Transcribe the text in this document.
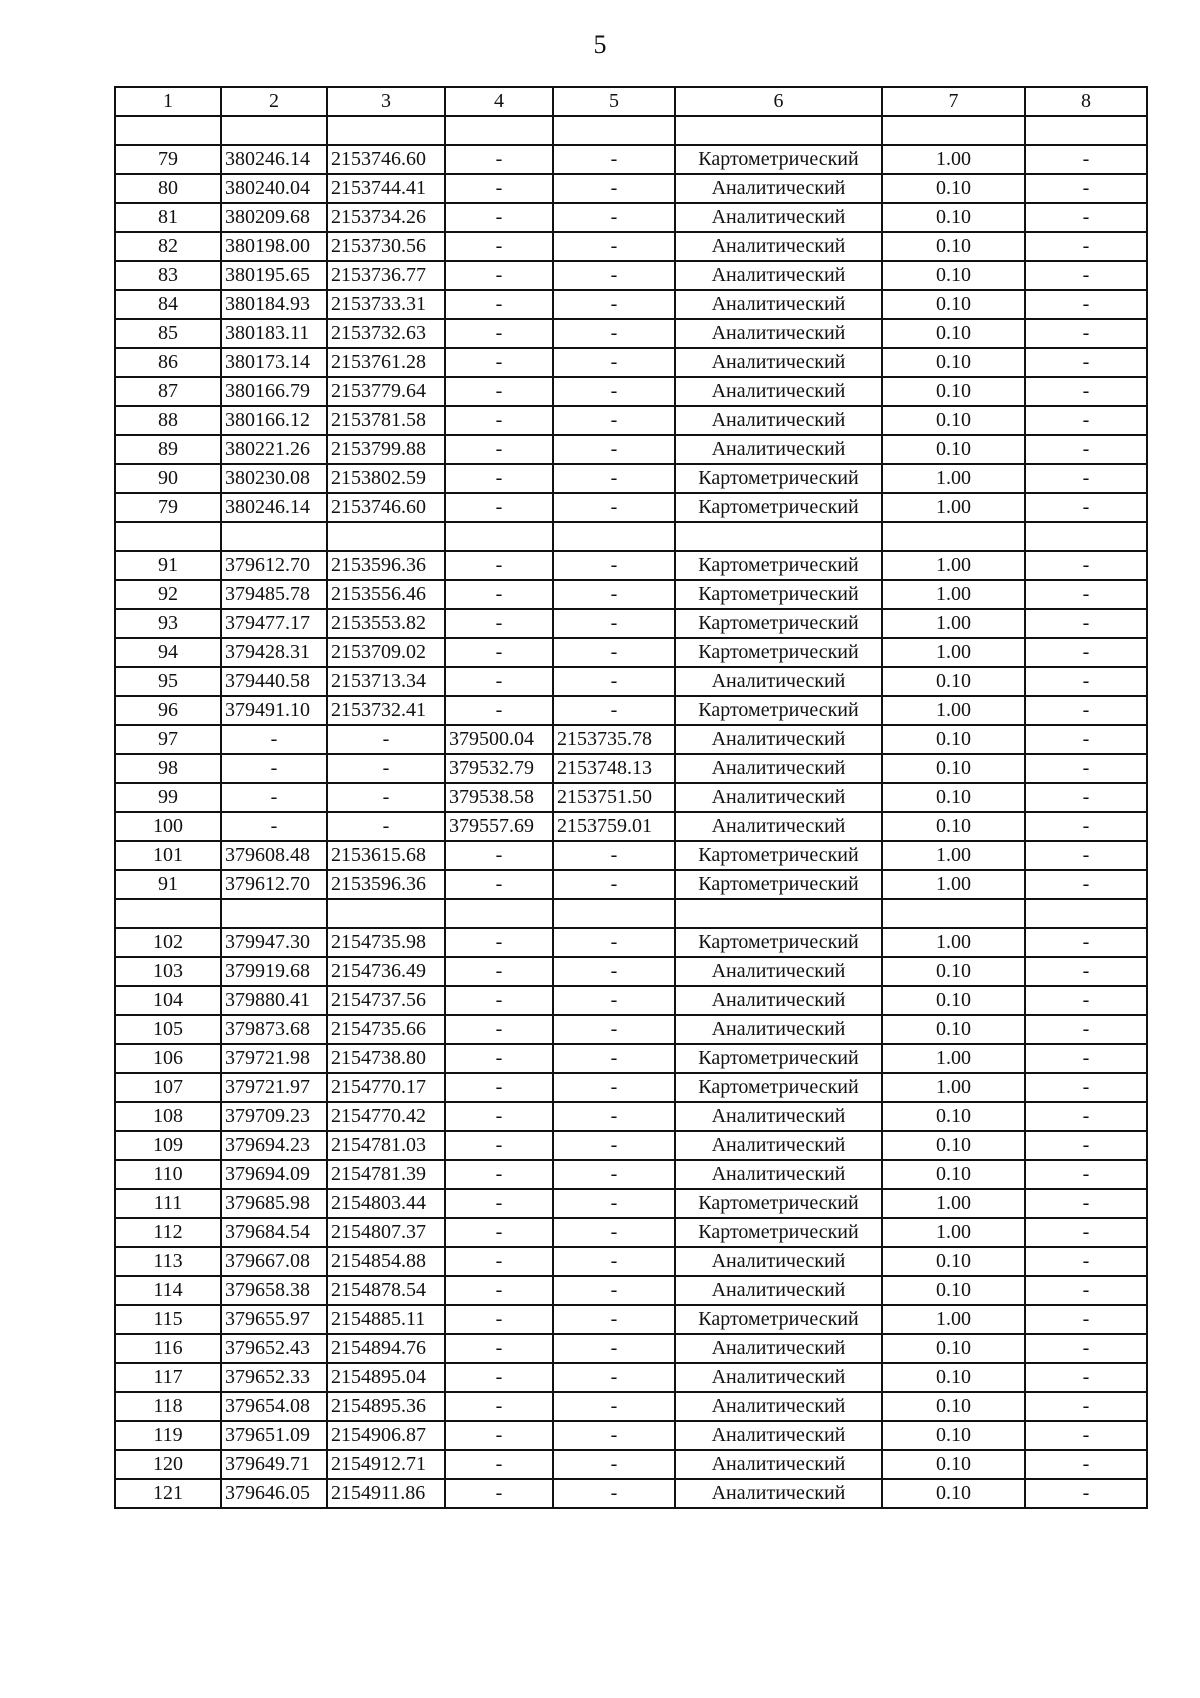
5
1	2	3	4	5	6	7	8

79	380246.14	2153746.60	-	-	Картометрический	1.00	-
80	380240.04	2153744.41	-	-	Аналитический	0.10	-
81	380209.68	2153734.26	-	-	Аналитический	0.10	-
82	380198.00	2153730.56	-	-	Аналитический	0.10	-
83	380195.65	2153736.77	-	-	Аналитический	0.10	-
84	380184.93	2153733.31	-	-	Аналитический	0.10	-
85	380183.11	2153732.63	-	-	Аналитический	0.10	-
86	380173.14	2153761.28	-	-	Аналитический	0.10	-
87	380166.79	2153779.64	-	-	Аналитический	0.10	-
88	380166.12	2153781.58	-	-	Аналитический	0.10	-
89	380221.26	2153799.88	-	-	Аналитический	0.10	-
90	380230.08	2153802.59	-	-	Картометрический	1.00	-
79	380246.14	2153746.60	-	-	Картометрический	1.00	-

91	379612.70	2153596.36	-	-	Картометрический	1.00	-
92	379485.78	2153556.46	-	-	Картометрический	1.00	-
93	379477.17	2153553.82	-	-	Картометрический	1.00	-
94	379428.31	2153709.02	-	-	Картометрический	1.00	-
95	379440.58	2153713.34	-	-	Аналитический	0.10	-
96	379491.10	2153732.41	-	-	Картометрический	1.00	-
97	-	-	379500.04	2153735.78	Аналитический	0.10	-
98	-	-	379532.79	2153748.13	Аналитический	0.10	-
99	-	-	379538.58	2153751.50	Аналитический	0.10	-
100	-	-	379557.69	2153759.01	Аналитический	0.10	-
101	379608.48	2153615.68	-	-	Картометрический	1.00	-
91	379612.70	2153596.36	-	-	Картометрический	1.00	-

102	379947.30	2154735.98	-	-	Картометрический	1.00	-
103	379919.68	2154736.49	-	-	Аналитический	0.10	-
104	379880.41	2154737.56	-	-	Аналитический	0.10	-
105	379873.68	2154735.66	-	-	Аналитический	0.10	-
106	379721.98	2154738.80	-	-	Картометрический	1.00	-
107	379721.97	2154770.17	-	-	Картометрический	1.00	-
108	379709.23	2154770.42	-	-	Аналитический	0.10	-
109	379694.23	2154781.03	-	-	Аналитический	0.10	-
110	379694.09	2154781.39	-	-	Аналитический	0.10	-
111	379685.98	2154803.44	-	-	Картометрический	1.00	-
112	379684.54	2154807.37	-	-	Картометрический	1.00	-
113	379667.08	2154854.88	-	-	Аналитический	0.10	-
114	379658.38	2154878.54	-	-	Аналитический	0.10	-
115	379655.97	2154885.11	-	-	Картометрический	1.00	-
116	379652.43	2154894.76	-	-	Аналитический	0.10	-
117	379652.33	2154895.04	-	-	Аналитический	0.10	-
118	379654.08	2154895.36	-	-	Аналитический	0.10	-
119	379651.09	2154906.87	-	-	Аналитический	0.10	-
120	379649.71	2154912.71	-	-	Аналитический	0.10	-
121	379646.05	2154911.86	-	-	Аналитический	0.10	-
